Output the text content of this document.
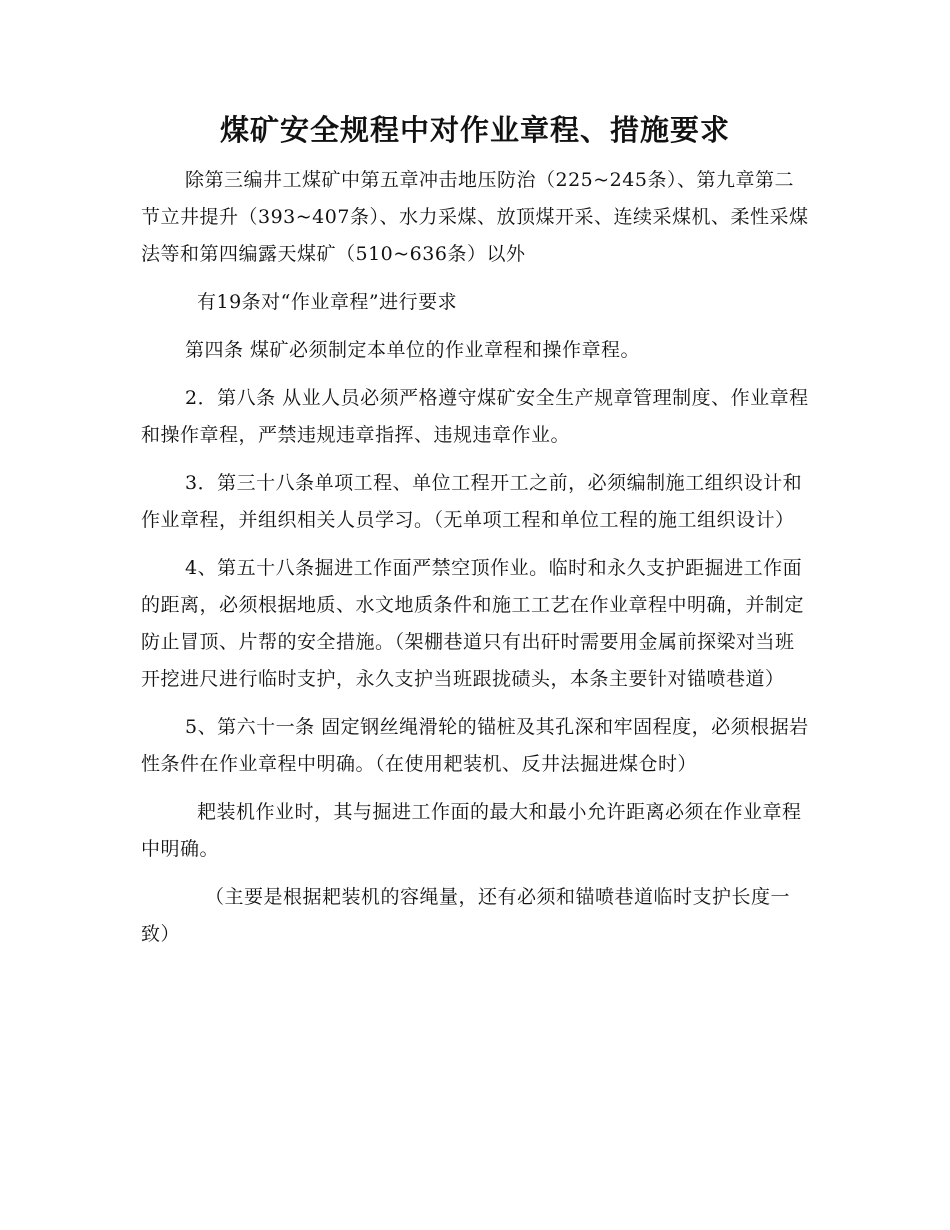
煤矿安全规程中对作业章程、措施要求

除第三编井工煤矿中第五章冲击地压防治（225~245条）、第九章第二节立井提升（393~407条）、水力采煤、放顶煤开采、连续采煤机、柔性采煤法等和第四编露天煤矿（510~636条）以外

有19条对“作业章程”进行要求

第四条 煤矿必须制定本单位的作业章程和操作章程。

2．第八条 从业人员必须严格遵守煤矿安全生产规章管理制度、作业章程和操作章程，严禁违规违章指挥、违规违章作业。

3．第三十八条单项工程、单位工程开工之前，必须编制施工组织设计和作业章程，并组织相关人员学习。（无单项工程和单位工程的施工组织设计）

4、第五十八条掘进工作面严禁空顶作业。临时和永久支护距掘进工作面的距离，必须根据地质、水文地质条件和施工工艺在作业章程中明确，并制定防止冒顶、片帮的安全措施。（架棚巷道只有出矸时需要用金属前探梁对当班开挖进尺进行临时支护，永久支护当班跟拢碛头，本条主要针对锚喷巷道）

5、第六十一条 固定钢丝绳滑轮的锚桩及其孔深和牢固程度，必须根据岩性条件在作业章程中明确。（在使用耙装机、反井法掘进煤仓时）

耙装机作业时，其与掘进工作面的最大和最小允许距离必须在作业章程中明确。

（主要是根据耙装机的容绳量，还有必须和锚喷巷道临时支护长度一致）
